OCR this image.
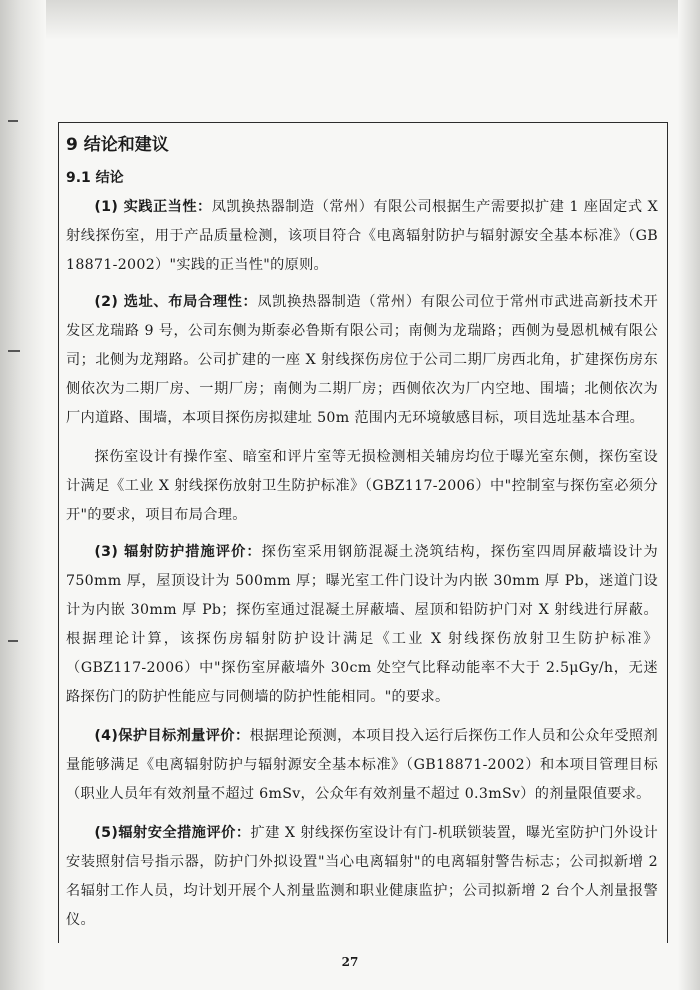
9 结论和建议
9.1 结论

(1) 实践正当性：凤凯换热器制造（常州）有限公司根据生产需要拟扩建 1 座固定式 X 射线探伤室，用于产品质量检测，该项目符合《电离辐射防护与辐射源安全基本标准》（GB 18871-2002）"实践的正当性"的原则。

(2) 选址、布局合理性：凤凯换热器制造（常州）有限公司位于常州市武进高新技术开发区龙瑞路 9 号，公司东侧为斯泰必鲁斯有限公司；南侧为龙瑞路；西侧为曼恩机械有限公司；北侧为龙翔路。公司扩建的一座 X 射线探伤房位于公司二期厂房西北角，扩建探伤房东侧依次为二期厂房、一期厂房；南侧为二期厂房；西侧依次为厂内空地、围墙；北侧依次为厂内道路、围墙，本项目探伤房拟建址 50m 范围内无环境敏感目标，项目选址基本合理。

探伤室设计有操作室、暗室和评片室等无损检测相关辅房均位于曝光室东侧，探伤室设计满足《工业 X 射线探伤放射卫生防护标准》（GBZ117-2006）中"控制室与探伤室必须分开"的要求，项目布局合理。

(3) 辐射防护措施评价：探伤室采用钢筋混凝土浇筑结构，探伤室四周屏蔽墙设计为 750mm 厚，屋顶设计为 500mm 厚；曝光室工件门设计为内嵌 30mm 厚 Pb，迷道门设计为内嵌 30mm 厚 Pb；探伤室通过混凝土屏蔽墙、屋顶和铅防护门对 X 射线进行屏蔽。根据理论计算，该探伤房辐射防护设计满足《工业 X 射线探伤放射卫生防护标准》（GBZ117-2006）中"探伤室屏蔽墙外 30cm 处空气比释动能率不大于 2.5μGy/h，无迷路探伤门的防护性能应与同侧墙的防护性能相同。"的要求。

(4)保护目标剂量评价：根据理论预测，本项目投入运行后探伤工作人员和公众年受照剂量能够满足《电离辐射防护与辐射源安全基本标准》（GB18871-2002）和本项目管理目标（职业人员年有效剂量不超过 6mSv，公众年有效剂量不超过 0.3mSv）的剂量限值要求。

(5)辐射安全措施评价：扩建 X 射线探伤室设计有门-机联锁装置，曝光室防护门外设计安装照射信号指示器，防护门外拟设置"当心电离辐射"的电离辐射警告标志；公司拟新增 2 名辐射工作人员，均计划开展个人剂量监测和职业健康监护；公司拟新增 2 台个人剂量报警仪。

27
